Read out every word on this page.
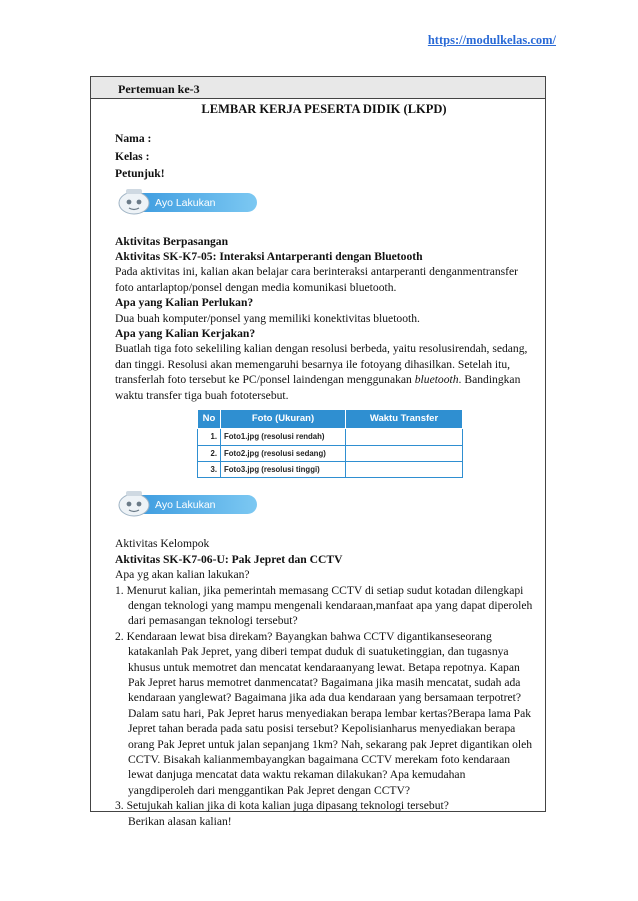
https://modulkelas.com/
Pertemuan ke-3
LEMBAR KERJA PESERTA DIDIK (LKPD)

Nama :

Kelas :

Petunjuk!

Ayo Lakukan

Aktivitas Berpasangan

Aktivitas SK-K7-05: Interaksi Antarperanti dengan Bluetooth

Pada aktivitas ini, kalian akan belajar cara berinteraksi antarperanti denganmentransfer foto antarlaptop/ponsel dengan media komunikasi bluetooth.

Apa yang Kalian Perlukan?

Dua buah komputer/ponsel yang memiliki konektivitas bluetooth.

Apa yang Kalian Kerjakan?

Buatlah tiga foto sekeliling kalian dengan resolusi berbeda, yaitu resolusirendah, sedang, dan tinggi. Resolusi akan memengaruhi besarnya ile fotoyang dihasilkan. Setelah itu, transferlah foto tersebut ke PC/ponsel laindengan menggunakan bluetooth. Bandingkan waktu transfer tiga buah fototersebut.

No	Foto (Ukuran)	Waktu Transfer
1.	Foto1.jpg (resolusi rendah)	
2.	Foto2.jpg (resolusi sedang)	
3.	Foto3.jpg (resolusi tinggi)	
Ayo Lakukan

Aktivitas Kelompok

Aktivitas SK-K7-06-U: Pak Jepret dan CCTV

Apa yg akan kalian lakukan?

1. Menurut kalian, jika pemerintah memasang CCTV di setiap sudut kotadan dilengkapi dengan teknologi yang mampu mengenali kendaraan,manfaat apa yang dapat diperoleh dari pemasangan teknologi tersebut?
2. Kendaraan lewat bisa direkam? Bayangkan bahwa CCTV digantikanseseorang katakanlah Pak Jepret, yang diberi tempat duduk di suatuketinggian, dan tugasnya khusus untuk memotret dan mencatat kendaraanyang lewat. Betapa repotnya. Kapan Pak Jepret harus memotret danmencatat? Bagaimana jika masih mencatat, sudah ada kendaraan yanglewat? Bagaimana jika ada dua kendaraan yang bersamaan terpotret?Dalam satu hari, Pak Jepret harus menyediakan berapa lembar kertas?Berapa lama Pak Jepret tahan berada pada satu posisi tersebut? Kepolisianharus menyediakan berapa orang Pak Jepret untuk jalan sepanjang 1km? Nah, sekarang pak Jepret digantikan oleh CCTV. Bisakah kalianmembayangkan bagaimana CCTV merekam foto kendaraan lewat danjuga mencatat data waktu rekaman dilakukan? Apa kemudahan yangdiperoleh dari menggantikan Pak Jepret dengan CCTV?
3. Setujukah kalian jika di kota kalian juga dipasang teknologi tersebut?

Berikan alasan kalian!
